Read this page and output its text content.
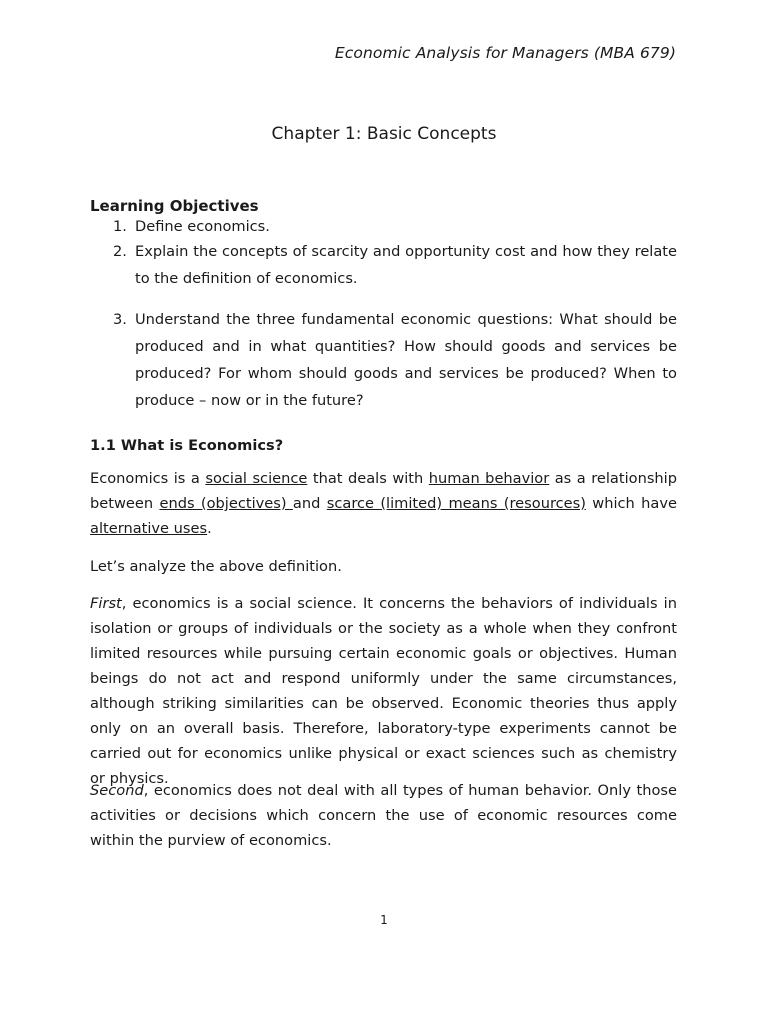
Economic Analysis for Managers (MBA 679)
Chapter 1: Basic Concepts
Learning Objectives
1. Define economics.
2. Explain the concepts of scarcity and opportunity cost and how they relate to the definition of economics.
3. Understand the three fundamental economic questions: What should be produced and in what quantities? How should goods and services be produced? For whom should goods and services be produced? When to produce – now or in the future?
1.1 What is Economics?

Economics is a social science that deals with human behavior as a relationship between ends (objectives) and scarce (limited) means (resources) which have alternative uses.

Let’s analyze the above definition.

First, economics is a social science. It concerns the behaviors of individuals in isolation or groups of individuals or the society as a whole when they confront limited resources while pursuing certain economic goals or objectives. Human beings do not act and respond uniformly under the same circumstances, although striking similarities can be observed. Economic theories thus apply only on an overall basis. Therefore, laboratory-type experiments cannot be carried out for economics unlike physical or exact sciences such as chemistry or physics.

Second, economics does not deal with all types of human behavior. Only those activities or decisions which concern the use of economic resources come within the purview of economics.

1
